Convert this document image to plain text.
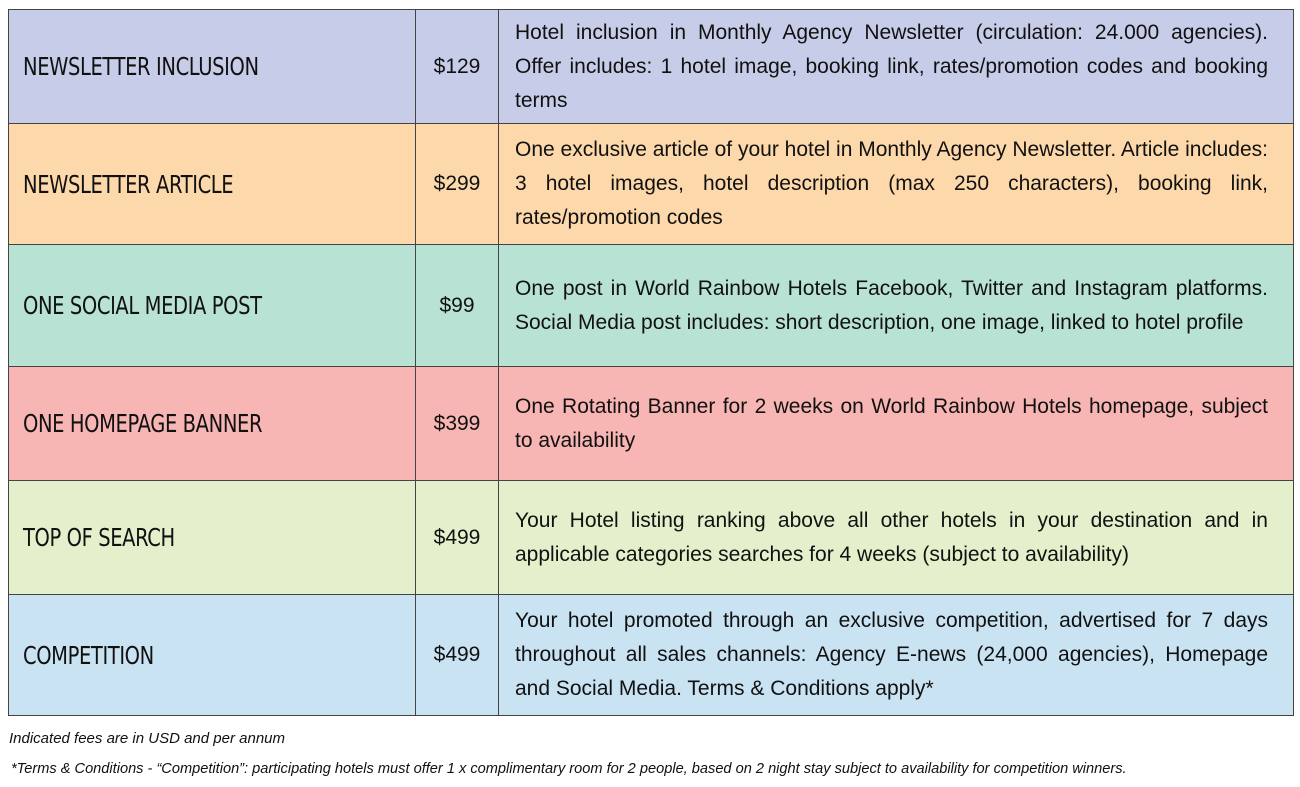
NEWSLETTER INCLUSION	$129	Hotel inclusion in Monthly Agency Newsletter (circulation: 24.000 agencies). Offer includes: 1 hotel image, booking link, rates/promotion codes and booking terms
NEWSLETTER ARTICLE	$299	One exclusive article of your hotel in Monthly Agency Newsletter. Article includes: 3 hotel images, hotel description (max 250 characters), booking link, rates/promotion codes
ONE SOCIAL MEDIA POST	$99	One post in World Rainbow Hotels Facebook, Twitter and Instagram platforms. Social Media post includes: short description, one image, linked to hotel profile
ONE HOMEPAGE BANNER	$399	One Rotating Banner for 2 weeks on World Rainbow Hotels homepage, subject to availability
TOP OF SEARCH	$499	Your Hotel listing ranking above all other hotels in your destination and in applicable categories searches for 4 weeks (subject to availability)
COMPETITION	$499	Your hotel promoted through an exclusive competition, advertised for 7 days throughout all sales channels: Agency E-news (24,000 agencies), Homepage and Social Media. Terms & Conditions apply*
Indicated fees are in USD and per annum
*Terms & Conditions - “Competition”: participating hotels must offer 1 x complimentary room for 2 people, based on 2 night stay subject to availability for competition winners.
